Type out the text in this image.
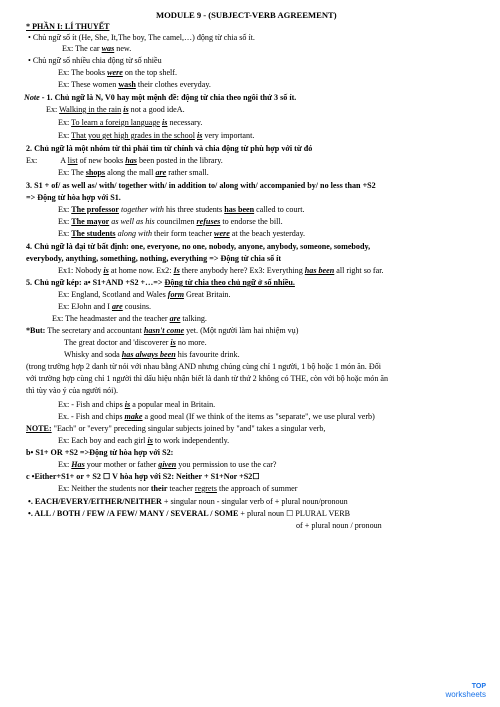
MODULE 9 - (SUBJECT-VERB AGREEMENT)
* PHẦN I: LÍ THUYẾT
• Chủ ngữ số ít (He, She, It,The boy, The camel,…) động từ chia số ít.
Ex: The car was new.
• Chủ ngữ số nhiều chia động từ số nhiều
Ex: The books were on the top shelf.
Ex: These women wash their clothes everyday.
Note - 1. Chủ ngữ là N, V0 hay một mệnh đề: động từ chia theo ngôi thứ 3 số ít.
Ex: Walking in the rain is not a good ideA.
Ex: To learn a foreign language is necessary.
Ex: That you get high grades in the school is very important.
2. Chủ ngữ là một nhóm từ thì phải tìm từ chính và chia động từ phù hợp với từ đó
Ex:	A list of new books has been posted in the library.
Ex: The shops along the mall are rather small.
3. S1 + of/ as well as/ with/ together with/ in addition to/ along with/ accompanied by/ no less than +S2
=> Động từ hòa hợp với S1.
Ex: The professor together with his three students has been called to court.
Ex: The mayor as well as his councilmen refuses to endorse the bill.
Ex: The students along with their form teacher were at the beach yesterday.
4. Chủ ngữ là đại từ bất định: one, everyone, no one, nobody, anyone, anybody, someone, somebody,
everybody, anything, something, nothing, everything => Động từ chia số ít
Ex1: Nobody is at home now. Ex2: Is there anybody here? Ex3: Everything has been all right so far.
5. Chủ ngữ kép: a• S1+AND +S2 +…=> Động từ chia theo chủ ngữ ở số nhiều.
Ex: England, Scotland and Wales form Great Britain.
Ex: EJohn and I are cousins.
Ex: The headmaster and the teacher are talking.
*But: The secretary and accountant hasn't come yet. (Một người làm hai nhiệm vụ)
The great doctor and 'discoverer is no more.
Whisky and soda has always been his favourite drink.
(trong trường hợp 2 danh từ nói với nhau bằng AND nhưng chúng cùng chỉ 1 người, 1 bộ hoặc 1 món ăn. Đối
với trường hợp cùng chỉ 1 người thì dấu hiệu nhận biết là danh từ thứ 2 không có THE, còn với bộ hoặc món ăn
thì tùy vào ý của người nói).
Ex: - Fish and chips is a popular meal in Britain.
Ex. - Fish and chips make a good meal (If we think of the items as "separate", we use plural verb)
NOTE: "Each" or "every" preceding singular subjects joined by "and" takes a singular verb,
Ex: Each boy and each girl is to work independently.
b• S1+ OR +S2 =>Động từ hòa hợp với S2:
Ex: Has your mother or father given you permission to use the car?
c •Either+S1+ or + S2 ☐ V hòa hợp với S2: Neither + S1+Nor +S2☐
Ex: Neither the students nor their teacher regrets the approach of summer
•. EACH/EVERY/EITHER/NEITHER + singular noun - singular verb of + plural noun/pronoun
•. ALL / BOTH / FEW /A FEW/ MANY / SEVERAL / SOME + plural noun ☐ PLURAL VERB
of + plural noun / pronoun
TOP
worksheets
